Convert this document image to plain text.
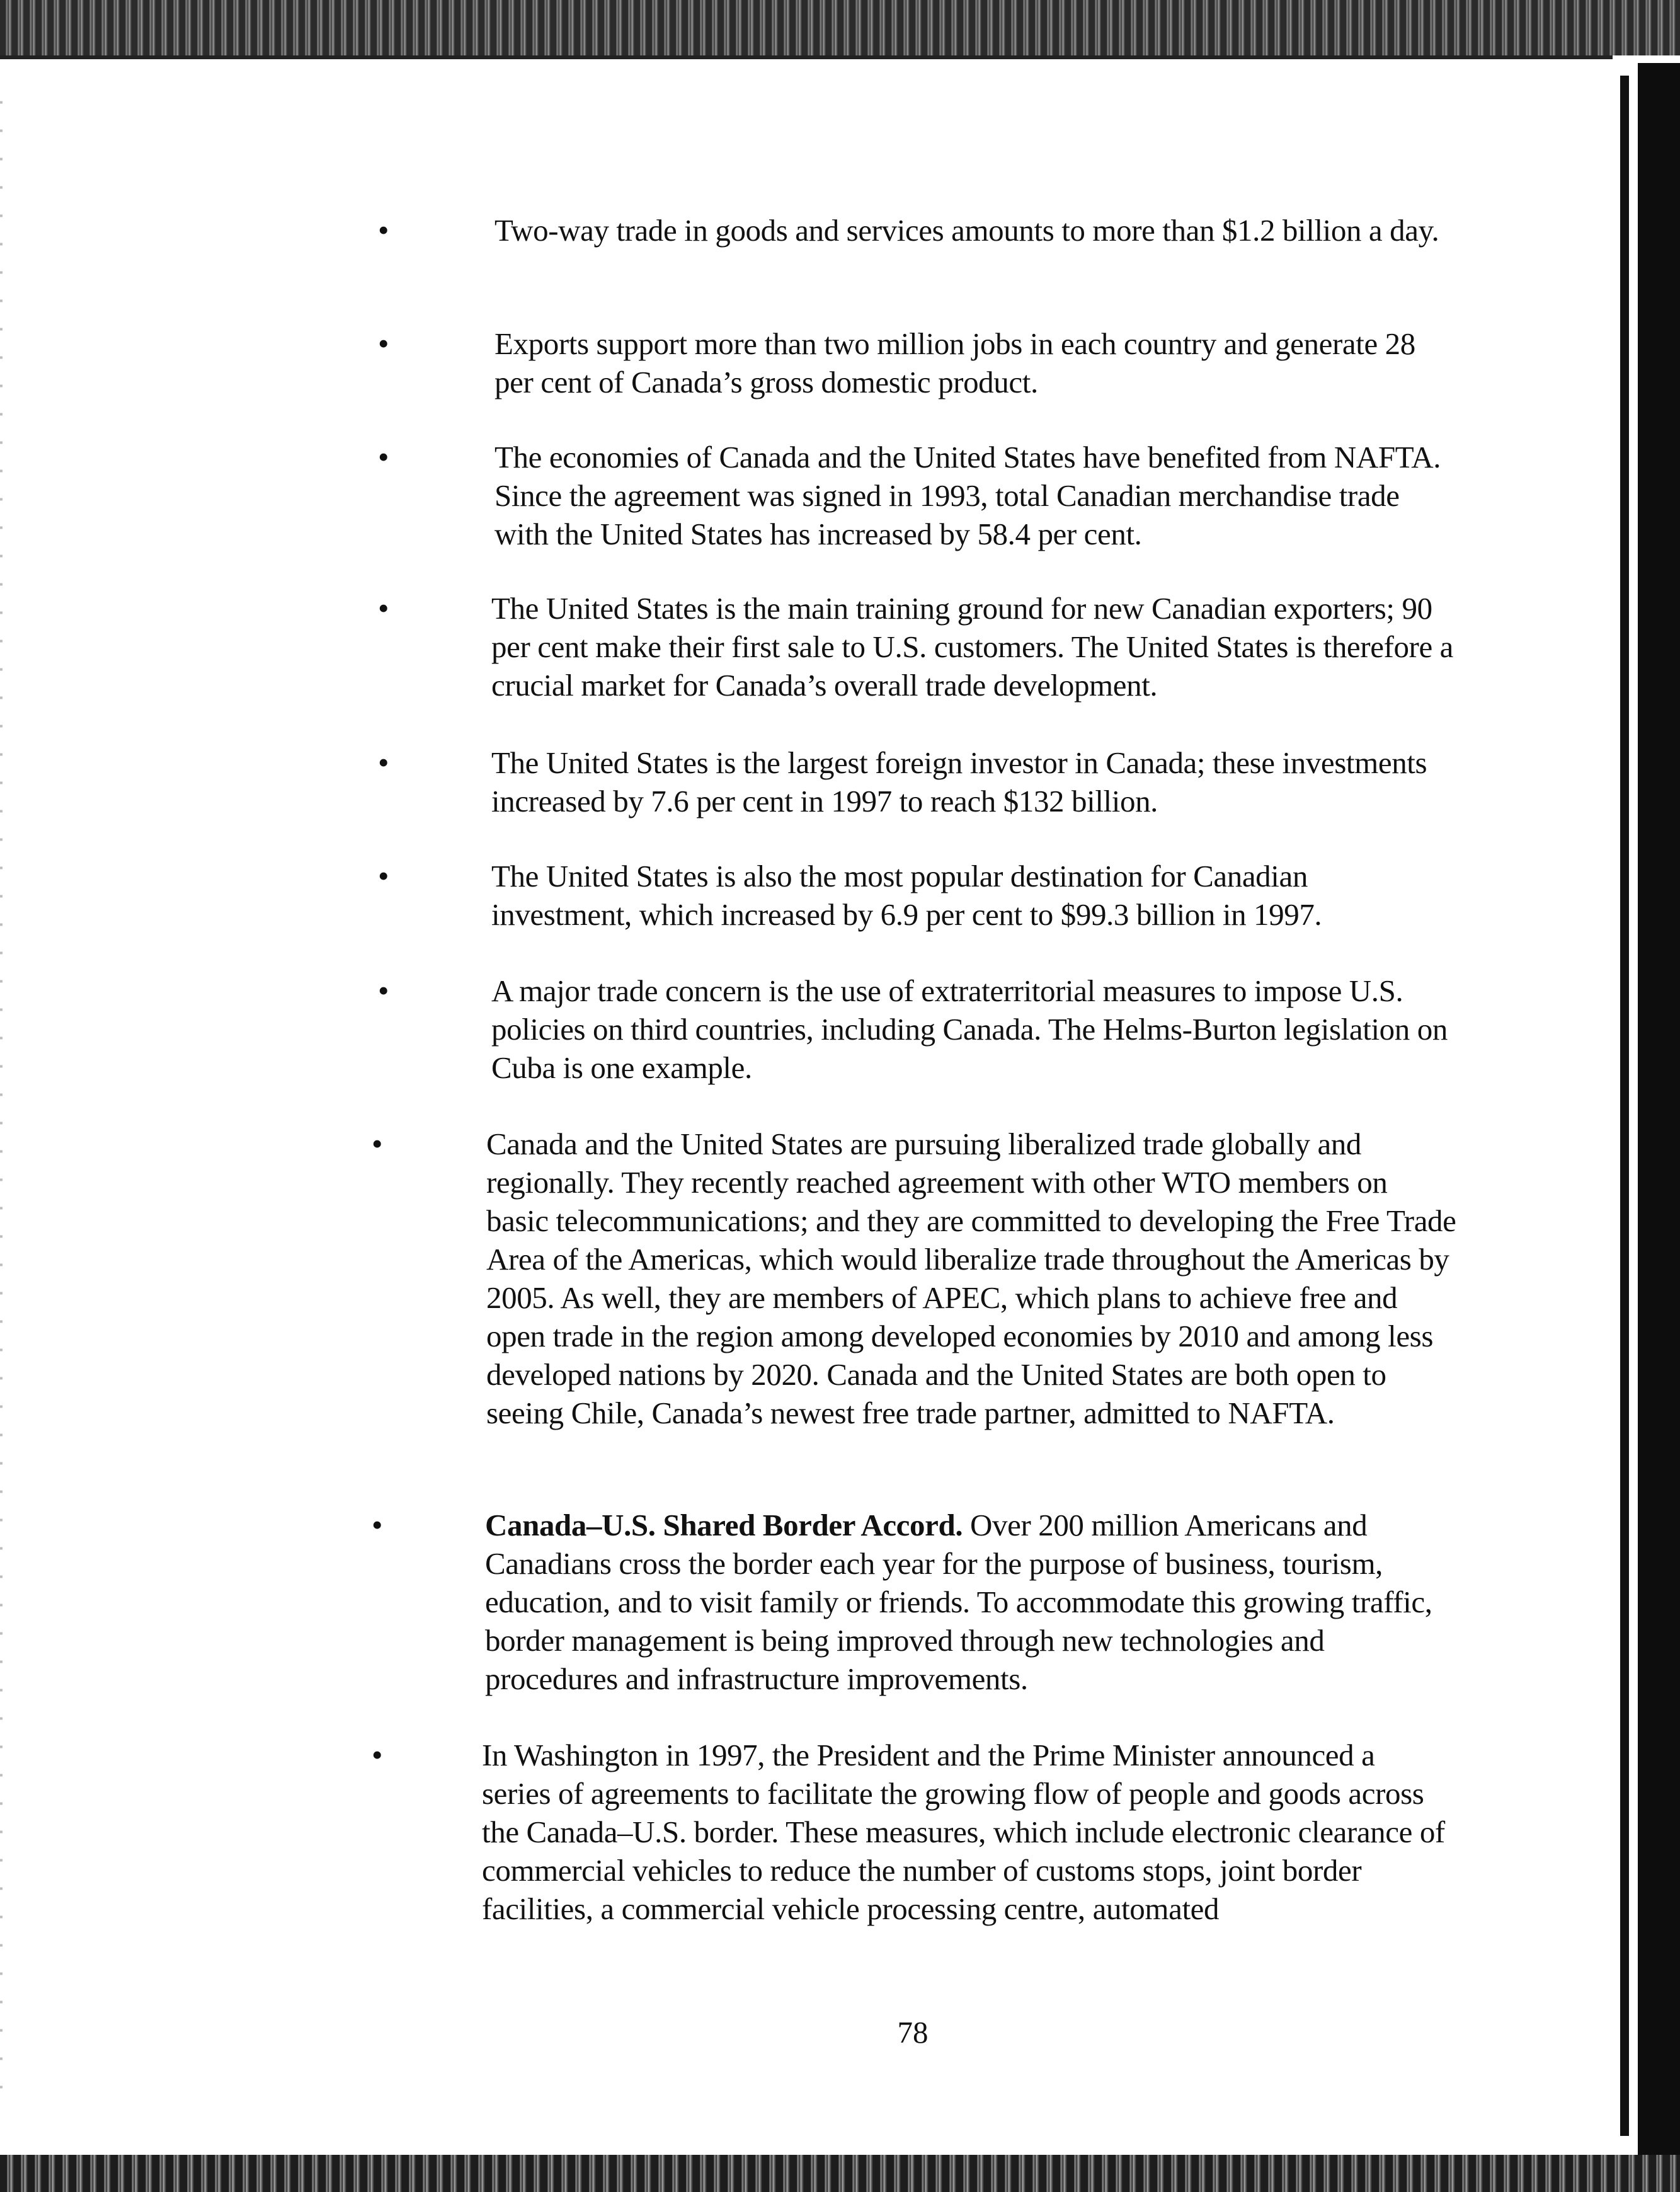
•	Two-way trade in goods and services amounts to more than $1.2 billion a day.
•	Exports support more than two million jobs in each country and generate 28 per cent of Canada’s gross domestic product.
•	The economies of Canada and the United States have benefited from NAFTA. Since the agreement was signed in 1993, total Canadian merchandise trade with the United States has increased by 58.4 per cent.
•	The United States is the main training ground for new Canadian exporters; 90 per cent make their first sale to U.S. customers. The United States is therefore a crucial market for Canada’s overall trade development.
•	The United States is the largest foreign investor in Canada; these investments increased by 7.6 per cent in 1997 to reach $132 billion.
•	The United States is also the most popular destination for Canadian investment, which increased by 6.9 per cent to $99.3 billion in 1997.
•	A major trade concern is the use of extraterritorial measures to impose U.S. policies on third countries, including Canada. The Helms-Burton legislation on Cuba is one example.
•	Canada and the United States are pursuing liberalized trade globally and regionally. They recently reached agreement with other WTO members on basic telecommunications; and they are committed to developing the Free Trade Area of the Americas, which would liberalize trade throughout the Americas by 2005. As well, they are members of APEC, which plans to achieve free and open trade in the region among developed economies by 2010 and among less developed nations by 2020. Canada and the United States are both open to seeing Chile, Canada’s newest free trade partner, admitted to NAFTA.
•	Canada–U.S. Shared Border Accord. Over 200 million Americans and Canadians cross the border each year for the purpose of business, tourism, education, and to visit family or friends. To accommodate this growing traffic, border management is being improved through new technologies and procedures and infrastructure improvements.
•	In Washington in 1997, the President and the Prime Minister announced a series of agreements to facilitate the growing flow of people and goods across the Canada–U.S. border. These measures, which include electronic clearance of commercial vehicles to reduce the number of customs stops, joint border facilities, a commercial vehicle processing centre, automated
78
